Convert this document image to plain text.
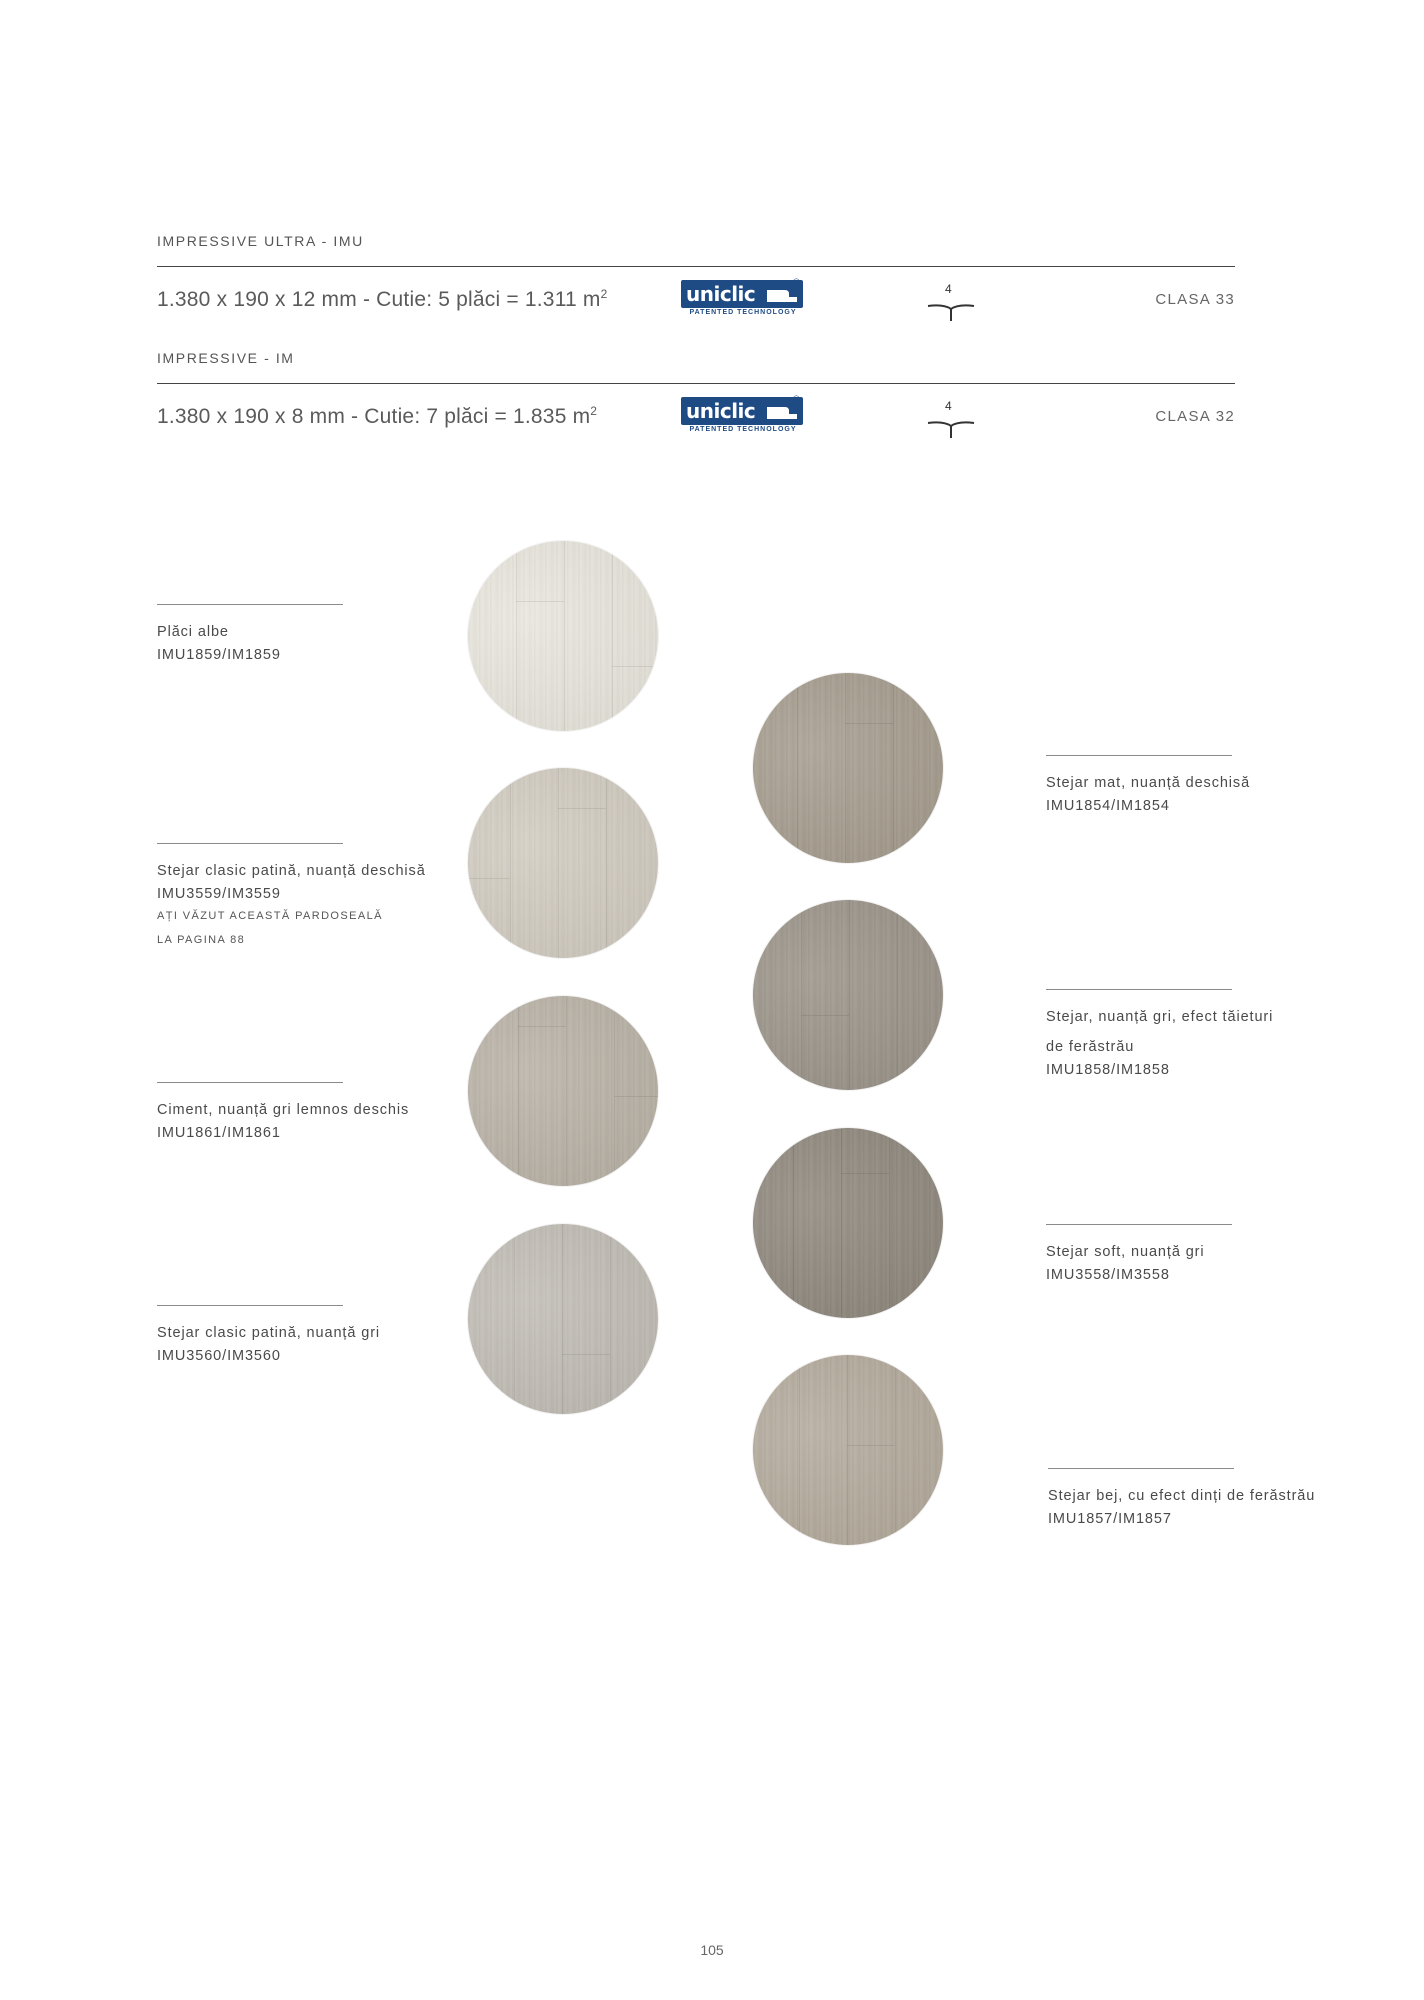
IMPRESSIVE ULTRA - IMU
1.380 x 190 x 12 mm - Cutie: 5 plăci = 1.311 $m^2$	uniclic	®
PATENTED TECHNOLOGY
4
CLASA 33
IMPRESSIVE - IM
1.380 x 190 x 8 mm - Cutie: 7 plăci = 1.835 $m^2$	uniclic	®
PATENTED TECHNOLOGY
4
CLASA 32
Plăci albe
IMU1859/IM1859
Stejar clasic patină, nuanță deschisă
IMU3559/IM3559
AȚI VĂZUT ACEASTĂ PARDOSEALĂ
LA PAGINA 88
Ciment, nuanță gri lemnos deschis
IMU1861/IM1861
Stejar clasic patină, nuanță gri
IMU3560/IM3560
Stejar mat, nuanță deschisă
IMU1854/IM1854
Stejar, nuanță gri, efect tăieturi
de ferăstrău
IMU1858/IM1858
Stejar soft, nuanță gri
IMU3558/IM3558
Stejar bej, cu efect dinți de ferăstrău
IMU1857/IM1857
105
